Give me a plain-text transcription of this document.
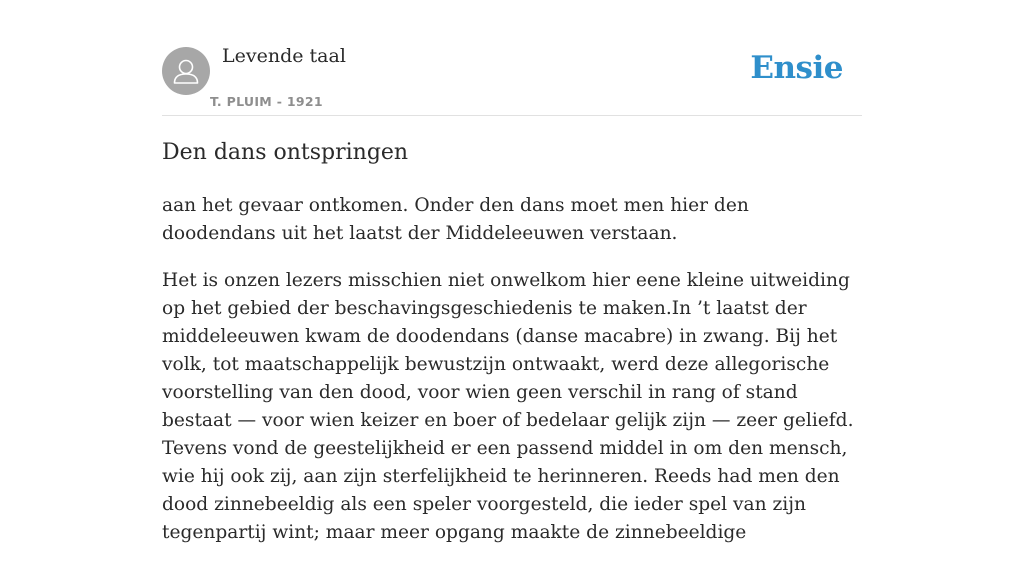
Levende taal
T. PLUIM - 1921
Ensie
Den dans ontspringen

aan het gevaar ontkomen. Onder den dans moet men hier den doodendans uit het laatst der Middeleeuwen verstaan.

Het is onzen lezers misschien niet onwelkom hier eene kleine uitweiding op het gebied der beschavingsgeschiedenis te maken.In ’t laatst der middeleeuwen kwam de doodendans (danse macabre) in zwang. Bij het volk, tot maatschappelijk bewustzijn ontwaakt, werd deze allegorische voorstelling van den dood, voor wien geen verschil in rang of stand bestaat — voor wien keizer en boer of bedelaar gelijk zijn — zeer geliefd. Tevens vond de geestelijkheid er een passend middel in om den mensch, wie hij ook zij, aan zijn sterfelijkheid te herinneren. Reeds had men den dood zinnebeeldig als een speler voorgesteld, die ieder spel van zijn tegenpartij wint; maar meer opgang maakte de zinnebeeldige
